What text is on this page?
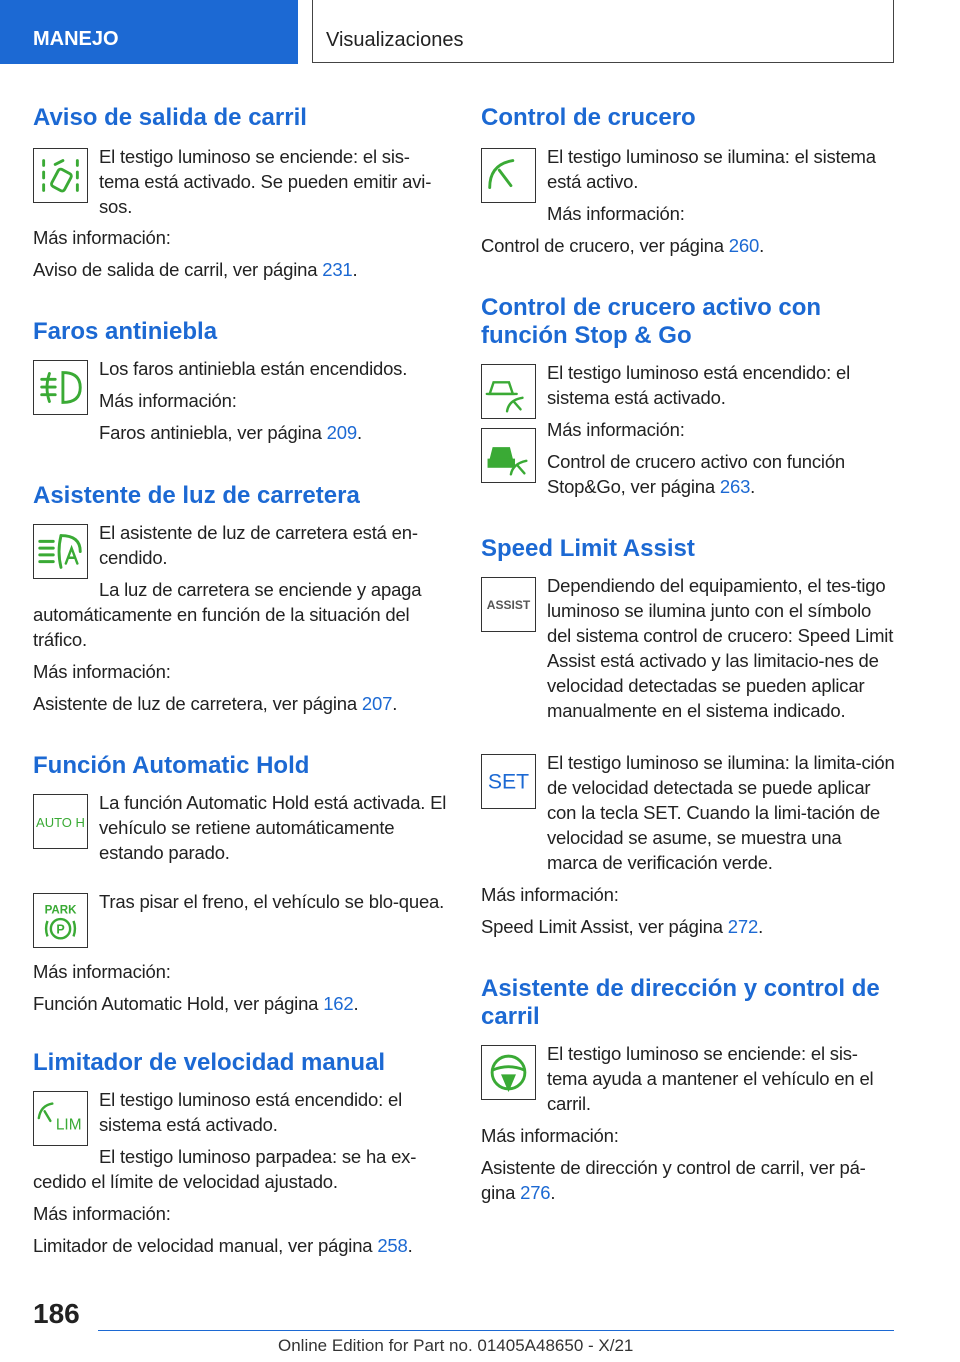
MANEJO	Visualizaciones
Aviso de salida de carril

El testigo luminoso se enciende: el sis-tema está activado. Se pueden emitir avi-sos.

Más información:

Aviso de salida de carril, ver página 231.

Faros antiniebla

Los faros antiniebla están encendidos.

Más información:

Faros antiniebla, ver página 209.

Asistente de luz de carretera

El asistente de luz de carretera está en-cendido.

La luz de carretera se enciende y apaga automáticamente en función de la situación del tráfico.

Más información:

Asistente de luz de carretera, ver página 207.

Función Automatic Hold
AUTO H

La función Automatic Hold está activada. El vehículo se retiene automáticamente estando parado.

PARK
P

Tras pisar el freno, el vehículo se blo-quea.

Más información:

Función Automatic Hold, ver página 162.

Limitador de velocidad manual
LIM

El testigo luminoso está encendido: el sistema está activado.

El testigo luminoso parpadea: se ha ex-cedido el límite de velocidad ajustado.

Más información:

Limitador de velocidad manual, ver página 258.

Control de crucero

El testigo luminoso se ilumina: el sistema está activo.

Más información:

Control de crucero, ver página 260.

Control de crucero activo con función Stop & Go

El testigo luminoso está encendido: el sistema está activado.

Más información:

Control de crucero activo con función Stop&Go, ver página 263.

Speed Limit Assist
ASSIST

Dependiendo del equipamiento, el tes-tigo luminoso se ilumina junto con el símbolo del sistema control de crucero: Speed Limit Assist está activado y las limitacio-nes de velocidad detectadas se pueden aplicar manualmente en el sistema indicado.

SET

El testigo luminoso se ilumina: la limita-ción de velocidad detectada se puede aplicar con la tecla SET. Cuando la limi-tación de velocidad se asume, se muestra una marca de verificación verde.

Más información:

Speed Limit Assist, ver página 272.

Asistente de dirección y control de carril

El testigo luminoso se enciende: el sis-tema ayuda a mantener el vehículo en el carril.

Más información:

Asistente de dirección y control de carril, ver pá-gina 276.

186
Online Edition for Part no. 01405A48650 - X/21
